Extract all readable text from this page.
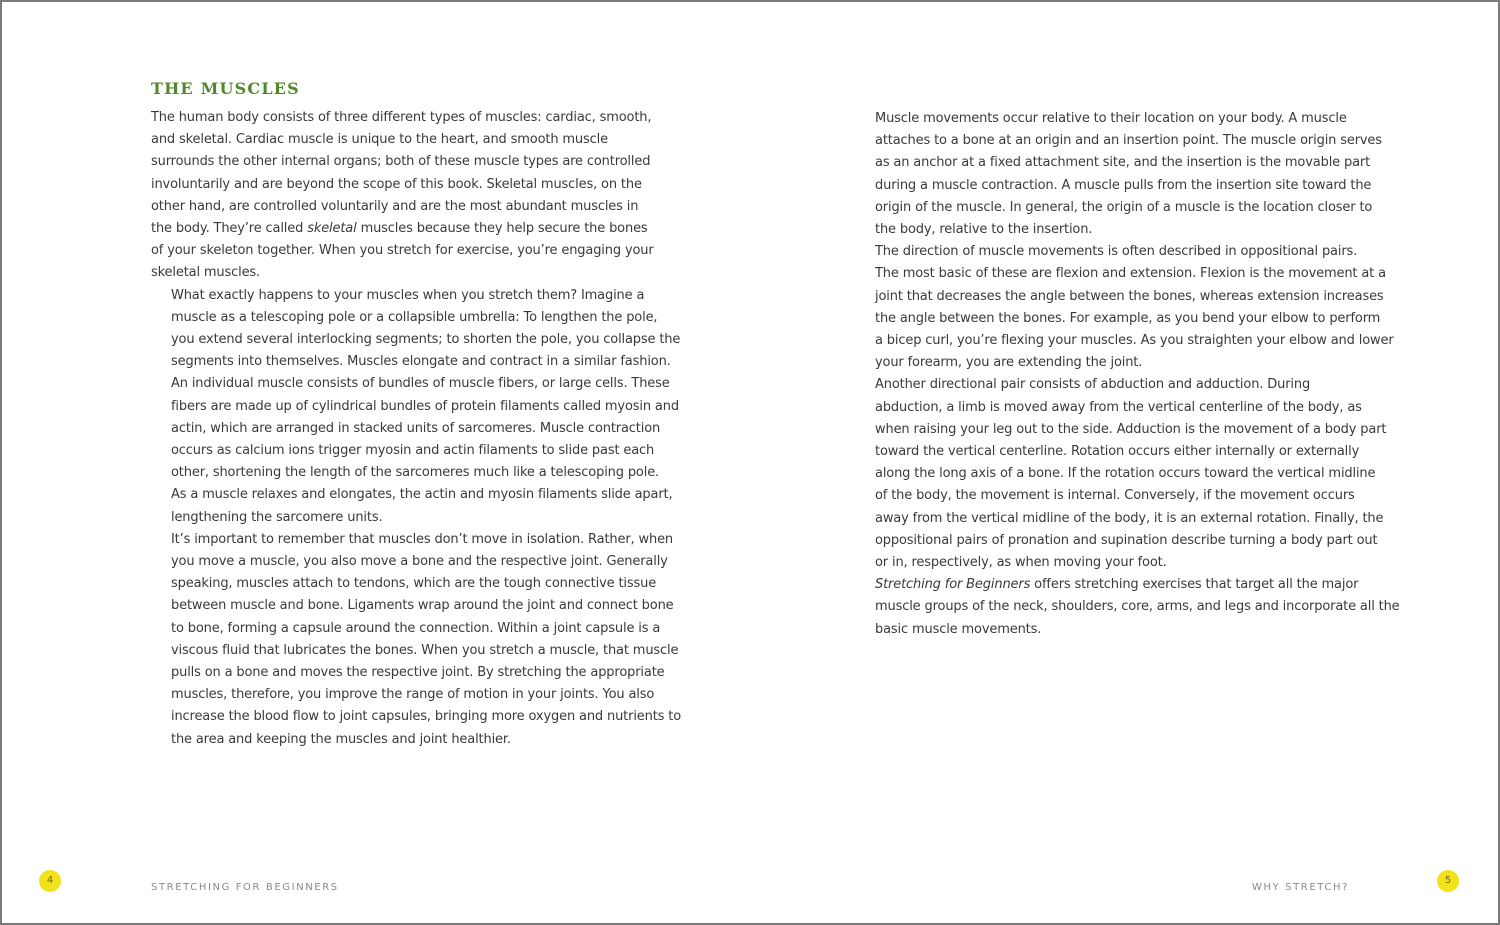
THE MUSCLES

The human body consists of three different types of muscles: cardiac, smooth,
and skeletal. Cardiac muscle is unique to the heart, and smooth muscle
surrounds the other internal organs; both of these muscle types are controlled
involuntarily and are beyond the scope of this book. Skeletal muscles, on the
other hand, are controlled voluntarily and are the most abundant muscles in
the body. They’re called skeletal muscles because they help secure the bones
of your skeleton together. When you stretch for exercise, you’re engaging your
skeletal muscles.

What exactly happens to your muscles when you stretch them? Imagine a
muscle as a telescoping pole or a collapsible umbrella: To lengthen the pole,
you extend several interlocking segments; to shorten the pole, you collapse the
segments into themselves. Muscles elongate and contract in a similar fashion.
An individual muscle consists of bundles of muscle fibers, or large cells. These
fibers are made up of cylindrical bundles of protein filaments called myosin and
actin, which are arranged in stacked units of sarcomeres. Muscle contraction
occurs as calcium ions trigger myosin and actin filaments to slide past each
other, shortening the length of the sarcomeres much like a telescoping pole.
As a muscle relaxes and elongates, the actin and myosin filaments slide apart,
lengthening the sarcomere units.

It’s important to remember that muscles don’t move in isolation. Rather, when
you move a muscle, you also move a bone and the respective joint. Generally
speaking, muscles attach to tendons, which are the tough connective tissue
between muscle and bone. Ligaments wrap around the joint and connect bone
to bone, forming a capsule around the connection. Within a joint capsule is a
viscous fluid that lubricates the bones. When you stretch a muscle, that muscle
pulls on a bone and moves the respective joint. By stretching the appropriate
muscles, therefore, you improve the range of motion in your joints. You also
increase the blood flow to joint capsules, bringing more oxygen and nutrients to
the area and keeping the muscles and joint healthier.

Muscle movements occur relative to their location on your body. A muscle
attaches to a bone at an origin and an insertion point. The muscle origin serves
as an anchor at a fixed attachment site, and the insertion is the movable part
during a muscle contraction. A muscle pulls from the insertion site toward the
origin of the muscle. In general, the origin of a muscle is the location closer to
the body, relative to the insertion.

The direction of muscle movements is often described in oppositional pairs.
The most basic of these are flexion and extension. Flexion is the movement at a
joint that decreases the angle between the bones, whereas extension increases
the angle between the bones. For example, as you bend your elbow to perform
a bicep curl, you’re flexing your muscles. As you straighten your elbow and lower
your forearm, you are extending the joint.

Another directional pair consists of abduction and adduction. During
abduction, a limb is moved away from the vertical centerline of the body, as
when raising your leg out to the side. Adduction is the movement of a body part
toward the vertical centerline. Rotation occurs either internally or externally
along the long axis of a bone. If the rotation occurs toward the vertical midline
of the body, the movement is internal. Conversely, if the movement occurs
away from the vertical midline of the body, it is an external rotation. Finally, the
oppositional pairs of pronation and supination describe turning a body part out
or in, respectively, as when moving your foot.

Stretching for Beginners offers stretching exercises that target all the major
muscle groups of the neck, shoulders, core, arms, and legs and incorporate all the
basic muscle movements.

4
STRETCHING FOR BEGINNERS	WHY STRETCH?
5
